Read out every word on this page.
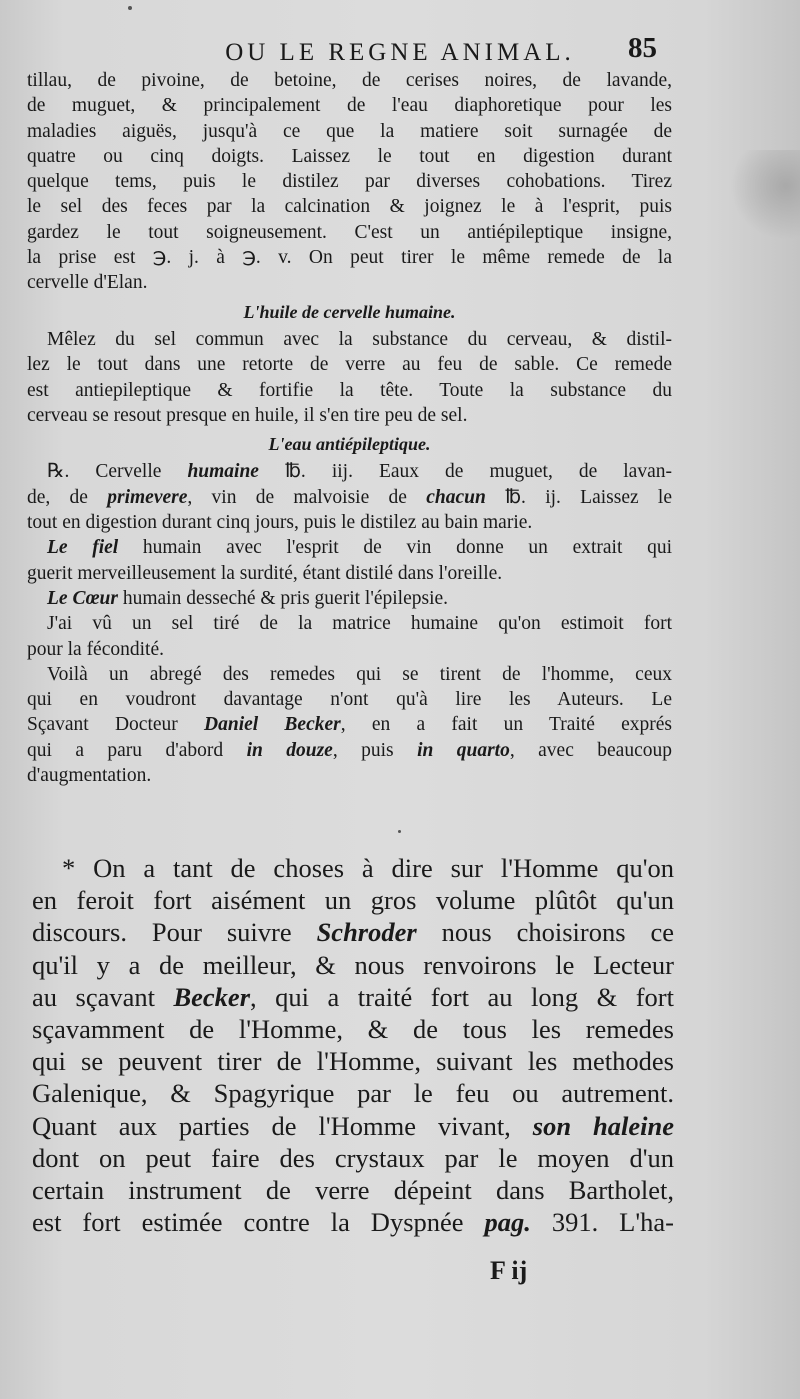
OU LE REGNE ANIMAL.	85

tillau, de pivoine, de betoine, de cerises noires, de lavande,

de muguet, & principalement de l'eau diaphoretique pour les

maladies aiguës, jusqu'à ce que la matiere soit surnagée de

quatre ou cinq doigts. Laissez le tout en digestion durant

quelque tems, puis le distilez par diverses cohobations. Tirez

le sel des feces par la calcination & joignez le à l'esprit, puis

gardez le tout soigneusement. C'est un antiépileptique insigne,

la prise est ℈. j. à ℈. v. On peut tirer le même remede de la

cervelle d'Elan.

L'huile de cervelle humaine.

Mêlez du sel commun avec la substance du cerveau, & distil-

lez le tout dans une retorte de verre au feu de sable. Ce remede

est antiepileptique & fortifie la tête. Toute la substance du

cerveau se resout presque en huile, il s'en tire peu de sel.

L'eau antiépileptique.

℞. Cervelle humaine ℔. iij. Eaux de muguet, de lavan-

de, de primevere, vin de malvoisie de chacun ℔. ij. Laissez le

tout en digestion durant cinq jours, puis le distilez au bain marie.

Le fiel humain avec l'esprit de vin donne un extrait qui

guerit merveilleusement la surdité, étant distilé dans l'oreille.

Le Cœur humain desseché & pris guerit l'épilepsie.

J'ai vû un sel tiré de la matrice humaine qu'on estimoit fort

pour la fécondité.

Voilà un abregé des remedes qui se tirent de l'homme, ceux

qui en voudront davantage n'ont qu'à lire les Auteurs. Le

Sçavant Docteur Daniel Becker, en a fait un Traité exprés

qui a paru d'abord in douze, puis in quarto, avec beaucoup

d'augmentation.

* On a tant de choses à dire sur l'Homme qu'on

en feroit fort aisément un gros volume plûtôt qu'un

discours. Pour suivre Schroder nous choisirons ce

qu'il y a de meilleur, & nous renvoirons le Lecteur

au sçavant Becker, qui a traité fort au long & fort

sçavamment de l'Homme, & de tous les remedes

qui se peuvent tirer de l'Homme, suivant les methodes

Galenique, & Spagyrique par le feu ou autrement.

Quant aux parties de l'Homme vivant, son haleine

dont on peut faire des crystaux par le moyen d'un

certain instrument de verre dépeint dans Bartholet,

est fort estimée contre la Dyspnée pag. 391. L'ha-

F ij
